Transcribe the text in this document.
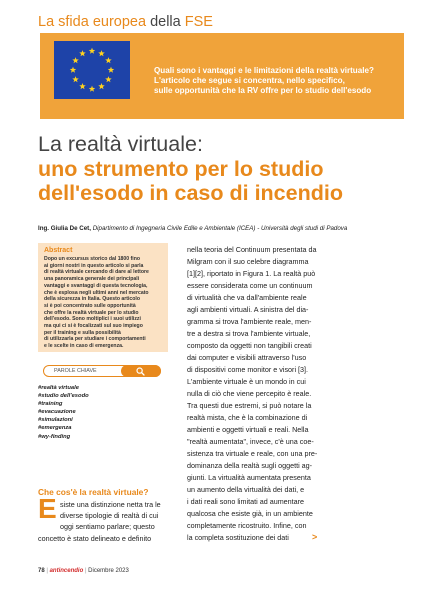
La sfida europea della FSE
Quali sono i vantaggi e le limitazioni della realtà virtuale?
L'articolo che segue si concentra, nello specifico,
sulle opportunità che la RV offre per lo studio dell'esodo
La realtà virtuale:
uno strumento per lo studio
dell'esodo in caso di incendio
Ing. Giulia De Cet, Dipartimento di Ingegneria Civile Edile e Ambientale (ICEA) - Università degli studi di Padova
Abstract
Dopo un excursus storico dal 1800 fino
ai giorni nostri in questo articolo si parla
di realtà virtuale cercando di dare al lettore
una panoramica generale dei principali
vantaggi e svantaggi di questa tecnologia,
che è esplosa negli ultimi anni nel mercato
della sicurezza in Italia. Questo articolo
si è poi concentrato sulle opportunità
che offre la realtà virtuale per lo studio
dell'esodo. Sono moltiplici i suoi utilizzi
ma qui ci si è focalizzati sul suo impiego
per il training e sulla possibilità
di utilizzarla per studiare i comportamenti
e le scelte in caso di emergenza.
PAROLE CHIAVE
#realtà virtuale
#studio dell'esodo
#training
#evacuazione
#simulazioni
#emergenza
#wy-finding
Che cos'è la realtà virtuale?
E siste una distinzione netta tra le
diverse tipologie di realtà di cui
oggi sentiamo parlare; questo
concetto è stato delineato e definito
nella teoria del Continuum presentata da
Milgram con il suo celebre diagramma
[1][2], riportato in Figura 1. La realtà può
essere considerata come un continuum
di virtualità che va dall'ambiente reale
agli ambienti virtuali. A sinistra del dia-
gramma si trova l'ambiente reale, men-
tre a destra si trova l'ambiente virtuale,
composto da oggetti non tangibili creati
dai computer e visibili attraverso l'uso
di dispositivi come monitor e visori [3].
L'ambiente virtuale è un mondo in cui
nulla di ciò che viene percepito è reale.
Tra questi due estremi, si può notare la
realtà mista, che è la combinazione di
ambienti e oggetti virtuali e reali. Nella
"realtà aumentata", invece, c'è una coe-
sistenza tra virtuale e reale, con una pre-
dominanza della realtà sugli oggetti ag-
giunti. La virtualità aumentata presenta
un aumento della virtualità dei dati, e
i dati reali sono limitati ad aumentare
qualcosa che esiste già, in un ambiente
completamente ricostruito. Infine, con
la completa sostituzione dei dati	>
78 | antincendio | Dicembre 2023
